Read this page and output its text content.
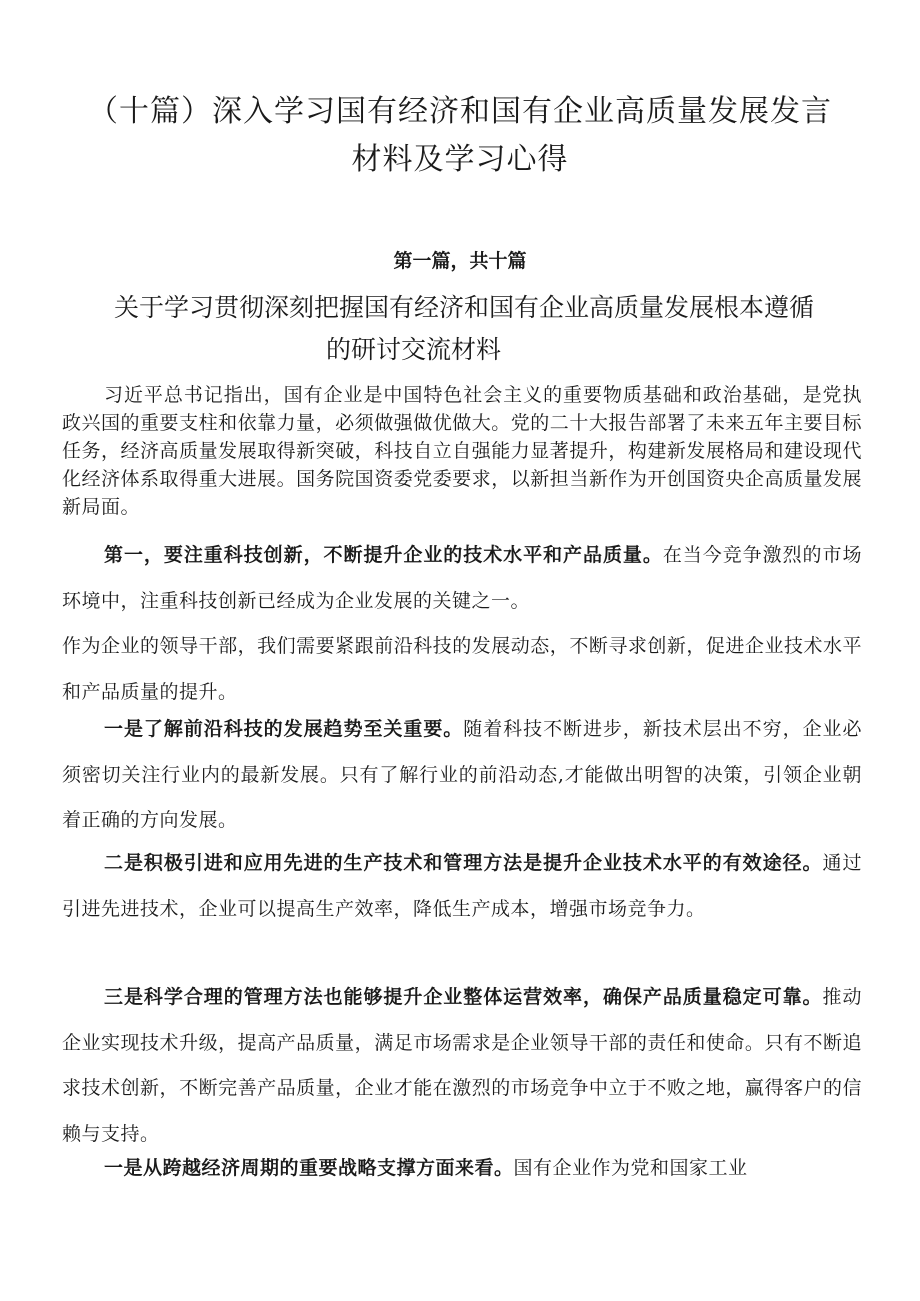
（十篇）深入学习国有经济和国有企业高质量发展发言
材料及学习心得

第一篇，共十篇

关于学习贯彻深刻把握国有经济和国有企业高质量发展根本遵循
的研讨交流材料

习近平总书记指出，国有企业是中国特色社会主义的重要物质基础和政治基础，是党执政兴国的重要支柱和依靠力量，必须做强做优做大。党的二十大报告部署了未来五年主要目标任务，经济高质量发展取得新突破，科技自立自强能力显著提升，构建新发展格局和建设现代化经济体系取得重大进展。国务院国资委党委要求，以新担当新作为开创国资央企高质量发展新局面。

第一，要注重科技创新，不断提升企业的技术水平和产品质量。在当今竞争激烈的市场环境中，注重科技创新已经成为企业发展的关键之一。

作为企业的领导干部，我们需要紧跟前沿科技的发展动态，不断寻求创新，促进企业技术水平和产品质量的提升。

一是了解前沿科技的发展趋势至关重要。随着科技不断进步，新技术层出不穷，企业必须密切关注行业内的最新发展。只有了解行业的前沿动态,才能做出明智的决策，引领企业朝着正确的方向发展。

二是积极引进和应用先进的生产技术和管理方法是提升企业技术水平的有效途径。通过引进先进技术，企业可以提高生产效率，降低生产成本，增强市场竞争力。

三是科学合理的管理方法也能够提升企业整体运营效率，确保产品质量稳定可靠。推动企业实现技术升级，提高产品质量，满足市场需求是企业领导干部的责任和使命。只有不断追求技术创新，不断完善产品质量，企业才能在激烈的市场竞争中立于不败之地，赢得客户的信赖与支持。

一是从跨越经济周期的重要战略支撑方面来看。国有企业作为党和国家工业
